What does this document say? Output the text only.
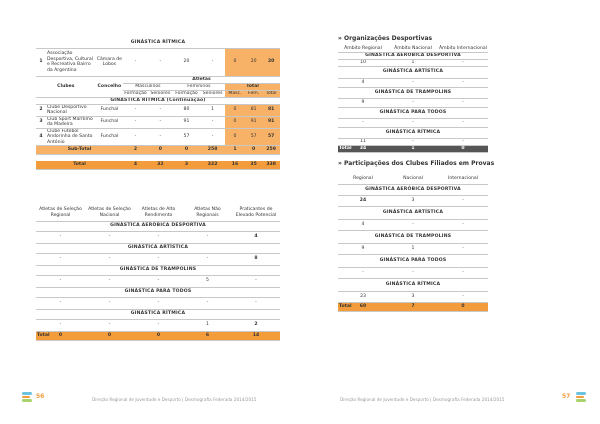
GINÁSTICA RÍTMICA									
1	Associação Desportiva, Cultural e Recreativa Bairro da Argentina	Câmara de Lobos	-	-	20	-	0	20	20
Clubes		Concelho	Atletas						
			Masculinos		Femininos		Total		
			Formação	Seniores	Formação	Seniores	Masc.	Fem.	Total
GINÁSTICA RÍTMICA (Continuação)									
2	Clube Desportivo Nacional	Funchal	-	-	80	1	0	81	81
3	Club Sport Marítimo da Madeira	Funchal	-	-	91	-	0	91	91
4	Clube Futebol Andorinha de Santo António	Funchal	-	-	57	-	0	57	57
Sub-Total			2	0	0	258	1	0	259

Total			4	32	3	322	16	35	338
Atletas de Seleção Regional	Atletas de Seleção Nacional	Atletas de Alto Rendimento	Atletas Não Regionais	Praticantes de Elevado Potencial
GINÁSTICA AERÓBICA DESPORTIVA				
-	-	-	-	4
GINÁSTICA ARTÍSTICA				
-	-	-	-	8
GINÁSTICA DE TRAMPOLINS				
-	-	-	5	-
GINÁSTICA PARA TODOS				
-	-	-	-	-
GINÁSTICA RÍTMICA				
-	-	-	1	2

Total 0	0	0	6	14
56	Direção Regional de Juventude e Desporto | Desmografia Federada 2014/2015
» Organizações Desportivas
Âmbito Regional	Âmbito Nacional	Âmbito Internacional
GINÁSTICA AERÓBICA DESPORTIVA		
10	1	-
GINÁSTICA ARTÍSTICA		
4	-	-
GINÁSTICA DE TRAMPOLINS		
9	-	-
GINÁSTICA PARA TODOS		
-	-	-
GINÁSTICA RÍTMICA		
11	-	-

Total 34	1	0
» Participações dos Clubes Filiados em Provas
Regional	Nacional	Internacional
GINÁSTICA AERÓBICA DESPORTIVA		
24	3	-
GINÁSTICA ARTÍSTICA		
4	-	-
GINÁSTICA DE TRAMPOLINS		
9	1	-
GINÁSTICA PARA TODOS		
-	-	-
GINÁSTICA RÍTMICA		
23	3	-

Total 60	7	0
Direção Regional de Juventude e Desporto | Desmografia Federada 2014/2015	57
